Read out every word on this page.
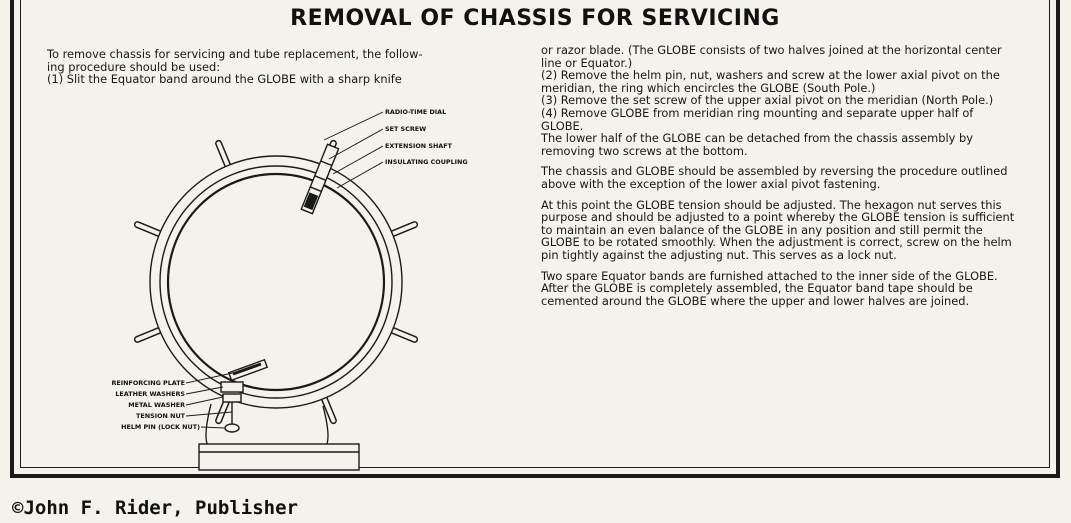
REMOVAL OF CHASSIS FOR SERVICING

To remove chassis for servicing and tube replacement, the follow-

ing procedure should be used:

(1) Slit the Equator band around the GLOBE with a sharp knife

or razor blade. (The GLOBE consists of two halves joined at the horizontal center line or Equator.)

(2) Remove the helm pin, nut, washers and screw at the lower axial pivot on the meridian, the ring which encircles the GLOBE (South Pole.)

(3) Remove the set screw of the upper axial pivot on the meridian (North Pole.)

(4) Remove GLOBE from meridian ring mounting and separate upper half of GLOBE.

The lower half of the GLOBE can be detached from the chassis assembly by removing two screws at the bottom.

The chassis and GLOBE should be assembled by reversing the procedure outlined above with the exception of the lower axial pivot fastening.

At this point the GLOBE tension should be adjusted. The hexagon nut serves this purpose and should be adjusted to a point whereby the GLOBE tension is sufficient to maintain an even balance of the GLOBE in any position and still permit the GLOBE to be rotated smoothly. When the adjustment is correct, screw on the helm pin tightly against the adjusting nut. This serves as a lock nut.

Two spare Equator bands are furnished attached to the inner side of the GLOBE. After the GLOBE is completely assembled, the Equator band tape should be cemented around the GLOBE where the upper and lower halves are joined.

RADIO-TIME DIAL
SET SCREW
EXTENSION SHAFT
INSULATING COUPLING
REINFORCING PLATE
LEATHER WASHERS
METAL WASHER
TENSION NUT
HELM PIN (LOCK NUT)
©John F. Rider, Publisher
